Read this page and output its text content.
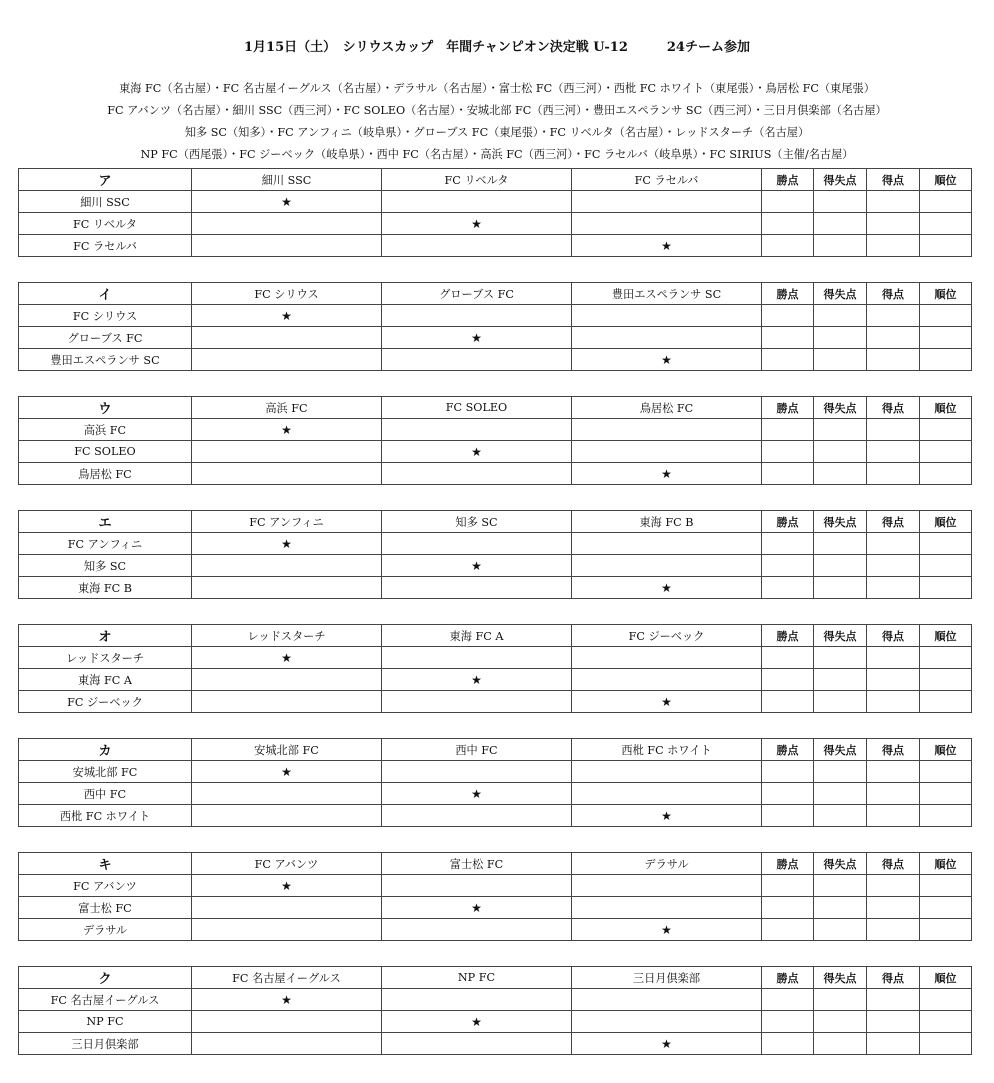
1月15日（土）　シリウスカップ　年間チャンピオン決定戦 U-12　　　24チーム参加
東海 FC（名古屋）・FC 名古屋イーグルス（名古屋）・デラサル（名古屋）・富士松 FC（西三河）・西枇 FC ホワイト（東尾張）・鳥居松 FC（東尾張）
FC アバンツ（名古屋）・細川 SSC（西三河）・FC SOLEO（名古屋）・安城北部 FC（西三河）・豊田エスペランサ SC（西三河）・三日月倶楽部（名古屋）
知多 SC（知多）・FC アンフィニ（岐阜県）・グローブス FC（東尾張）・FC リベルタ（名古屋）・レッドスターチ（名古屋）
NP FC（西尾張）・FC ジーベック（岐阜県）・西中 FC（名古屋）・高浜 FC（西三河）・FC ラセルバ（岐阜県）・FC SIRIUS（主催/名古屋）
ア	細川 SSC	FC リベルタ	FC ラセルバ	勝点	得失点	得点	順位
細川 SSC	★						
FC リベルタ		★					
FC ラセルバ			★				
イ	FC シリウス	グローブス FC	豊田エスペランサ SC	勝点	得失点	得点	順位
FC シリウス	★						
グローブス FC		★					
豊田エスペランサ SC			★				
ウ	高浜 FC	FC SOLEO	鳥居松 FC	勝点	得失点	得点	順位
高浜 FC	★						
FC SOLEO		★					
鳥居松 FC			★				
エ	FC アンフィニ	知多 SC	東海 FC B	勝点	得失点	得点	順位
FC アンフィニ	★						
知多 SC		★					
東海 FC B			★				
オ	レッドスターチ	東海 FC A	FC ジーベック	勝点	得失点	得点	順位
レッドスターチ	★						
東海 FC A		★					
FC ジーベック			★				
カ	安城北部 FC	西中 FC	西枇 FC ホワイト	勝点	得失点	得点	順位
安城北部 FC	★						
西中 FC		★					
西枇 FC ホワイト			★				
キ	FC アバンツ	富士松 FC	デラサル	勝点	得失点	得点	順位
FC アバンツ	★						
富士松 FC		★					
デラサル			★				
ク	FC 名古屋イーグルス	NP FC	三日月倶楽部	勝点	得失点	得点	順位
FC 名古屋イーグルス	★						
NP FC		★					
三日月倶楽部			★				
